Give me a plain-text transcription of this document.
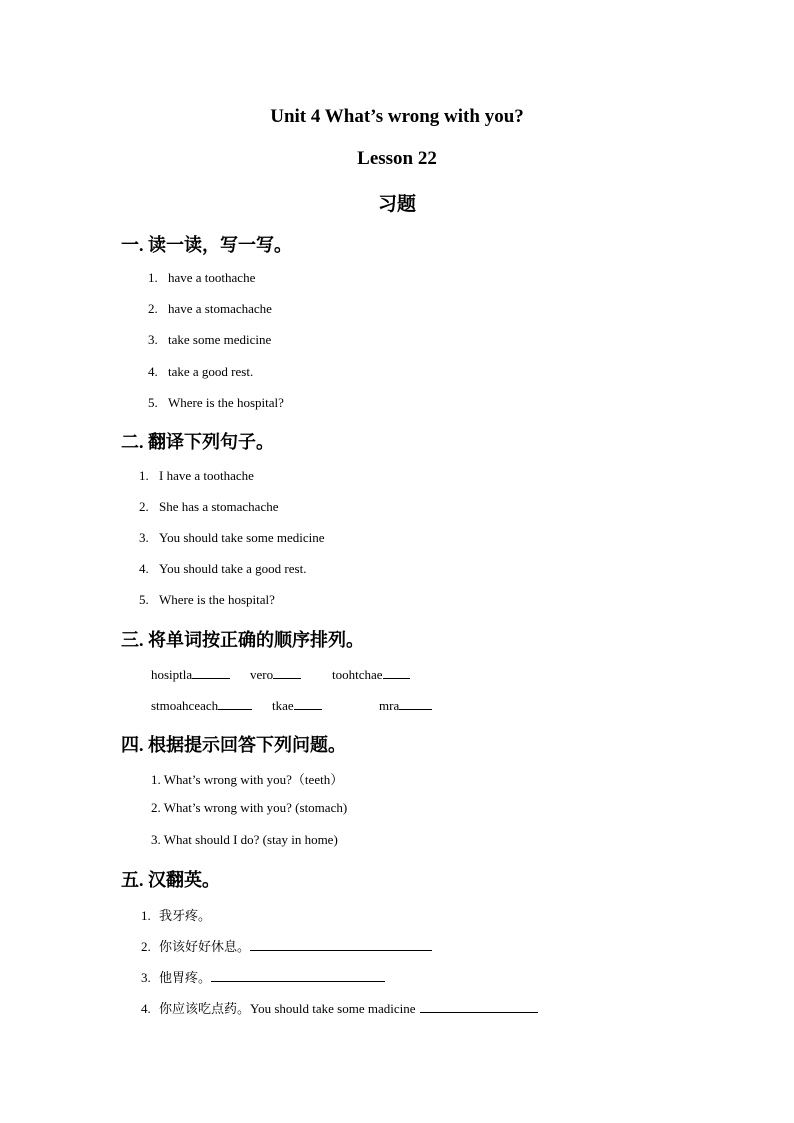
Unit 4 What’s wrong with you?
Lesson 22
习题
一. 读一读，写一写。
1. have a toothache
2. have a stomachache
3. take some medicine
4. take a good rest.
5. Where is the hospital?
二. 翻译下列句子。
1. I have a toothache
2. She has a stomachache
3. You should take some medicine
4. You should take a good rest.
5. Where is the hospital?
三. 将单词按正确的顺序排列。
hosiptla	vero	toohtchae
stmoahceach	tkae	mra
四. 根据提示回答下列问题。
1. What’s wrong with you?（teeth）
2. What’s wrong with you? (stomach)
3. What should I do? (stay in home)
五. 汉翻英。
1. 我牙疼。
2. 你该好好休息。
3. 他胃疼。
4. 你应该吃点药。You should take some madicine
